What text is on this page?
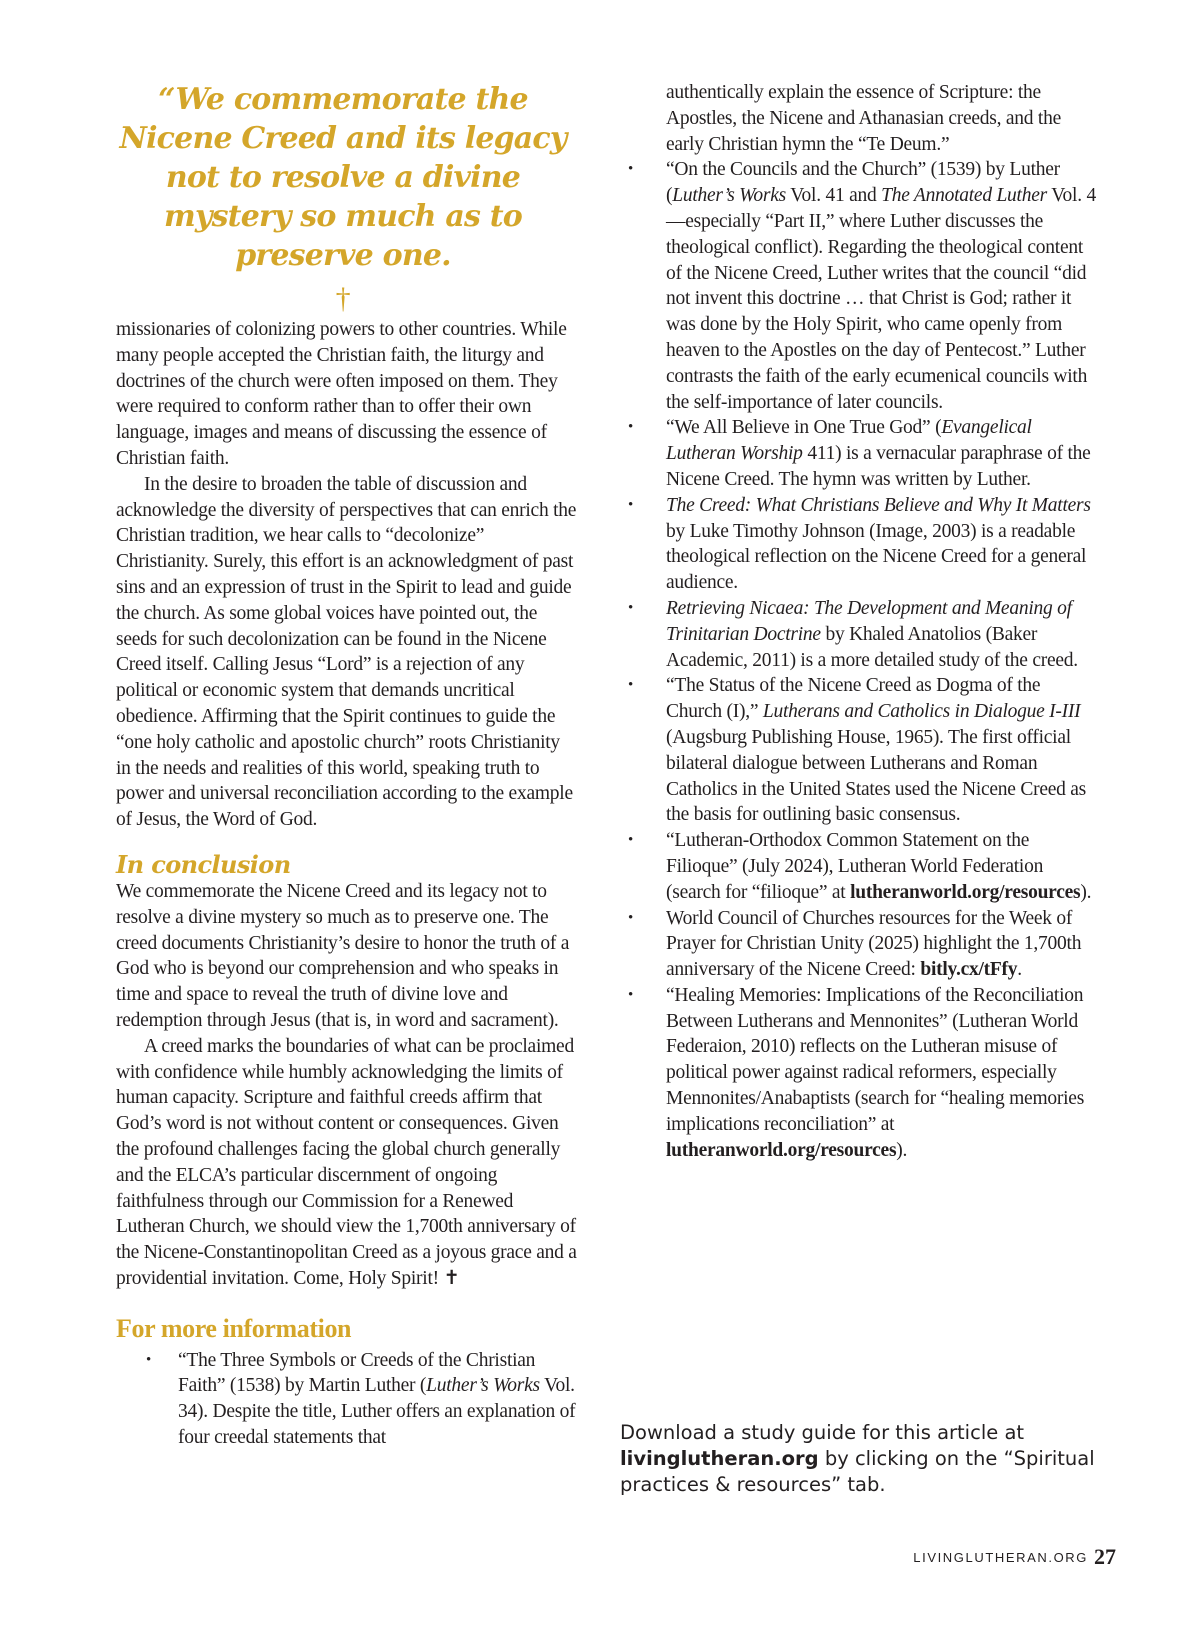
“We commemorate the Nicene Creed and its legacy not to resolve a divine mystery so much as to preserve one.
†

missionaries of colonizing powers to other countries. While many people accepted the Christian faith, the liturgy and doctrines of the church were often imposed on them. They were required to conform rather than to offer their own language, images and means of discussing the essence of Christian faith.

In the desire to broaden the table of discussion and acknowledge the diversity of perspectives that can enrich the Christian tradition, we hear calls to “decolonize” Christianity. Surely, this effort is an acknowledgment of past sins and an expression of trust in the Spirit to lead and guide the church. As some global voices have pointed out, the seeds for such decolonization can be found in the Nicene Creed itself. Calling Jesus “Lord” is a rejection of any political or economic system that demands uncritical obedience. Affirming that the Spirit continues to guide the “one holy catholic and apostolic church” roots Christianity in the needs and realities of this world, speaking truth to power and universal reconciliation according to the example of Jesus, the Word of God.

In conclusion

We commemorate the Nicene Creed and its legacy not to resolve a divine mystery so much as to preserve one. The creed documents Christianity’s desire to honor the truth of a God who is beyond our comprehension and who speaks in time and space to reveal the truth of divine love and redemption through Jesus (that is, in word and sacrament).

A creed marks the boundaries of what can be proclaimed with confidence while humbly acknowledging the limits of human capacity. Scripture and faithful creeds affirm that God’s word is not without content or consequences. Given the profound challenges facing the global church generally and the ELCA’s particular discernment of ongoing faithfulness through our Commission for a Renewed Lutheran Church, we should view the 1,700th anniversary of the Nicene-Constantinopolitan Creed as a joyous grace and a providential invitation. Come, Holy Spirit! ✝

For more information
• “The Three Symbols or Creeds of the Christian Faith” (1538) by Martin Luther (Luther’s Works Vol. 34). Despite the title, Luther offers an explanation of four creedal statements that

authentically explain the essence of Scripture: the Apostles, the Nicene and Athanasian creeds, and the early Christian hymn the “Te Deum.”

• “On the Councils and the Church” (1539) by Luther (Luther’s Works Vol. 41 and The Annotated Luther Vol. 4—especially “Part II,” where Luther discusses the theological conflict). Regarding the theological content of the Nicene Creed, Luther writes that the council “did not invent this doctrine … that Christ is God; rather it was done by the Holy Spirit, who came openly from heaven to the Apostles on the day of Pentecost.” Luther contrasts the faith of the early ecumenical councils with the self-importance of later councils.
• “We All Believe in One True God” (Evangelical Lutheran Worship 411) is a vernacular paraphrase of the Nicene Creed. The hymn was written by Luther.
• The Creed: What Christians Believe and Why It Matters by Luke Timothy Johnson (Image, 2003) is a readable theological reflection on the Nicene Creed for a general audience.
• Retrieving Nicaea: The Development and Meaning of Trinitarian Doctrine by Khaled Anatolios (Baker Academic, 2011) is a more detailed study of the creed.
• “The Status of the Nicene Creed as Dogma of the Church (I),” Lutherans and Catholics in Dialogue I-III (Augsburg Publishing House, 1965). The first official bilateral dialogue between Lutherans and Roman Catholics in the United States used the Nicene Creed as the basis for outlining basic consensus.
• “Lutheran-Orthodox Common Statement on the Filioque” (July 2024), Lutheran World Federation (search for “filioque” at lutheranworld.org/resources).
• World Council of Churches resources for the Week of Prayer for Christian Unity (2025) highlight the 1,700th anniversary of the Nicene Creed: bitly.cx/tFfy.
• “Healing Memories: Implications of the Reconciliation Between Lutherans and Mennonites” (Lutheran World Federaion, 2010) reflects on the Lutheran misuse of political power against radical reformers, especially Mennonites/Anabaptists (search for “healing memories implications reconciliation” at lutheranworld.org/resources).
Download a study guide for this article at livinglutheran.org by clicking on the “Spiritual practices & resources” tab.
LIVINGLUTHERAN.ORG 27
